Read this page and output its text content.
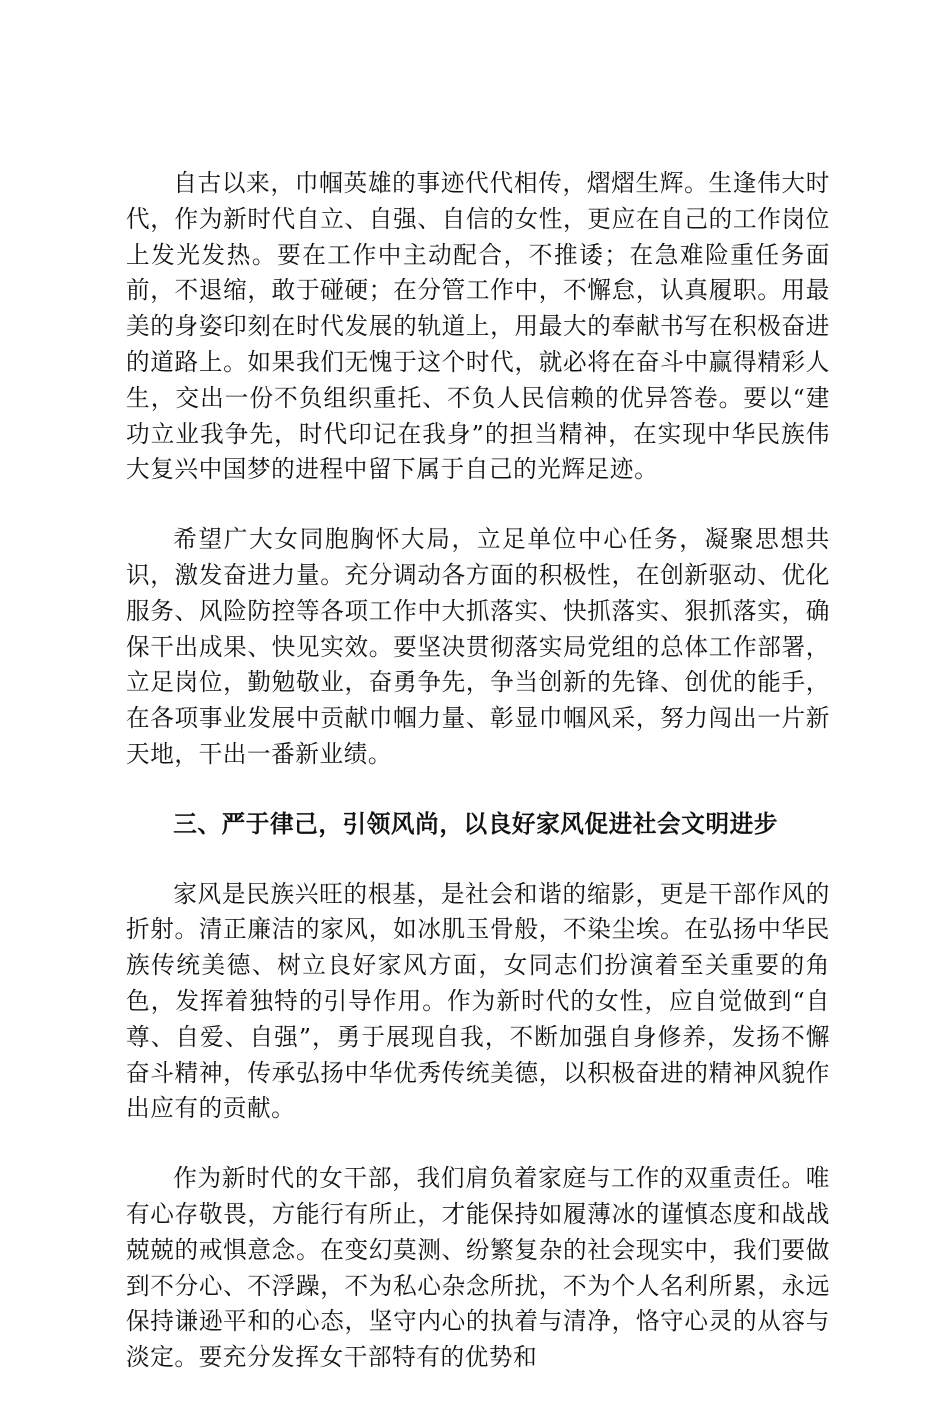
自古以来，巾帼英雄的事迹代代相传，熠熠生辉。生逢伟大时代，作为新时代自立、自强、自信的女性，更应在自己的工作岗位上发光发热。要在工作中主动配合，不推诿；在急难险重任务面前，不退缩，敢于碰硬；在分管工作中，不懈怠，认真履职。用最美的身姿印刻在时代发展的轨道上，用最大的奉献书写在积极奋进的道路上。如果我们无愧于这个时代，就必将在奋斗中赢得精彩人生，交出一份不负组织重托、不负人民信赖的优异答卷。要以“建功立业我争先，时代印记在我身”的担当精神，在实现中华民族伟大复兴中国梦的进程中留下属于自己的光辉足迹。

希望广大女同胞胸怀大局，立足单位中心任务，凝聚思想共识，激发奋进力量。充分调动各方面的积极性，在创新驱动、优化服务、风险防控等各项工作中大抓落实、快抓落实、狠抓落实，确保干出成果、快见实效。要坚决贯彻落实局党组的总体工作部署，立足岗位，勤勉敬业，奋勇争先，争当创新的先锋、创优的能手，在各项事业发展中贡献巾帼力量、彰显巾帼风采，努力闯出一片新天地，干出一番新业绩。

三、严于律己，引领风尚，以良好家风促进社会文明进步

家风是民族兴旺的根基，是社会和谐的缩影，更是干部作风的折射。清正廉洁的家风，如冰肌玉骨般，不染尘埃。在弘扬中华民族传统美德、树立良好家风方面，女同志们扮演着至关重要的角色，发挥着独特的引导作用。作为新时代的女性，应自觉做到“自尊、自爱、自强”，勇于展现自我，不断加强自身修养，发扬不懈奋斗精神，传承弘扬中华优秀传统美德，以积极奋进的精神风貌作出应有的贡献。

作为新时代的女干部，我们肩负着家庭与工作的双重责任。唯有心存敬畏，方能行有所止，才能保持如履薄冰的谨慎态度和战战兢兢的戒惧意念。在变幻莫测、纷繁复杂的社会现实中，我们要做到不分心、不浮躁，不为私心杂念所扰，不为个人名利所累，永远保持谦逊平和的心态，坚守内心的执着与清净，恪守心灵的从容与淡定。要充分发挥女干部特有的优势和
